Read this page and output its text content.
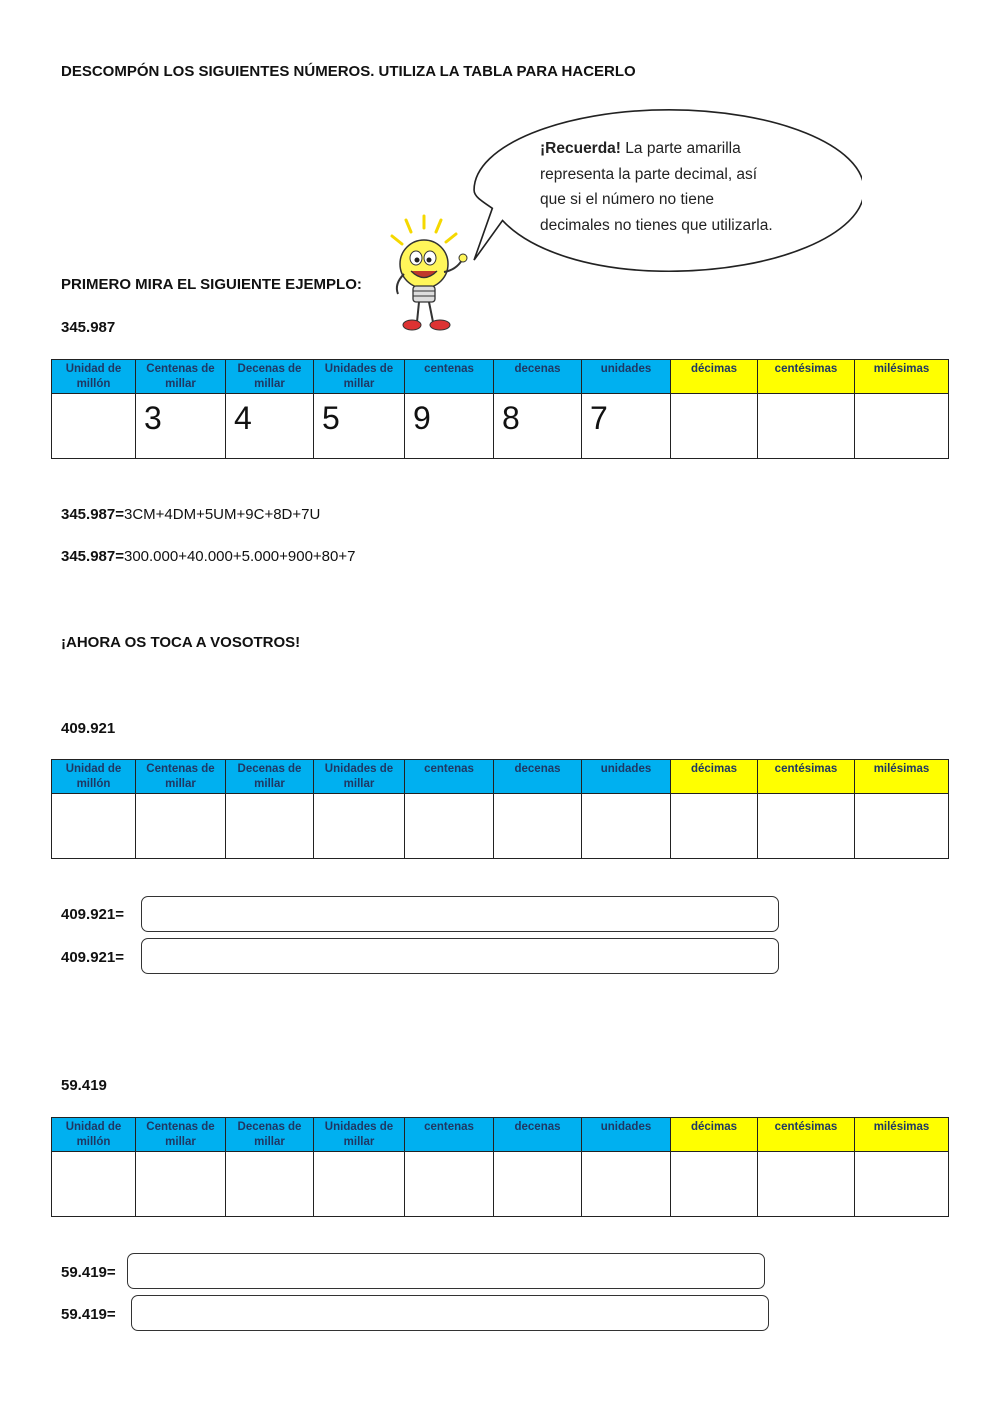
DESCOMPÓN LOS SIGUIENTES NÚMEROS. UTILIZA LA TABLA PARA HACERLO
¡Recuerda! La parte amarilla
representa la parte decimal, así
que si el número no tiene
decimales no tienes que utilizarla.
PRIMERO MIRA EL SIGUIENTE EJEMPLO:
345.987
Unidad de millón	Centenas de millar	Decenas de millar	Unidades de millar	centenas	decenas	unidades	décimas	centésimas	milésimas
	3	4	5	9	8	7			
345.987=3CM+4DM+5UM+9C+8D+7U
345.987=300.000+40.000+5.000+900+80+7
¡AHORA OS TOCA A VOSOTROS!
409.921
Unidad de millón	Centenas de millar	Decenas de millar	Unidades de millar	centenas	decenas	unidades	décimas	centésimas	milésimas

409.921=
409.921=
59.419
Unidad de millón	Centenas de millar	Decenas de millar	Unidades de millar	centenas	decenas	unidades	décimas	centésimas	milésimas

59.419=
59.419=
